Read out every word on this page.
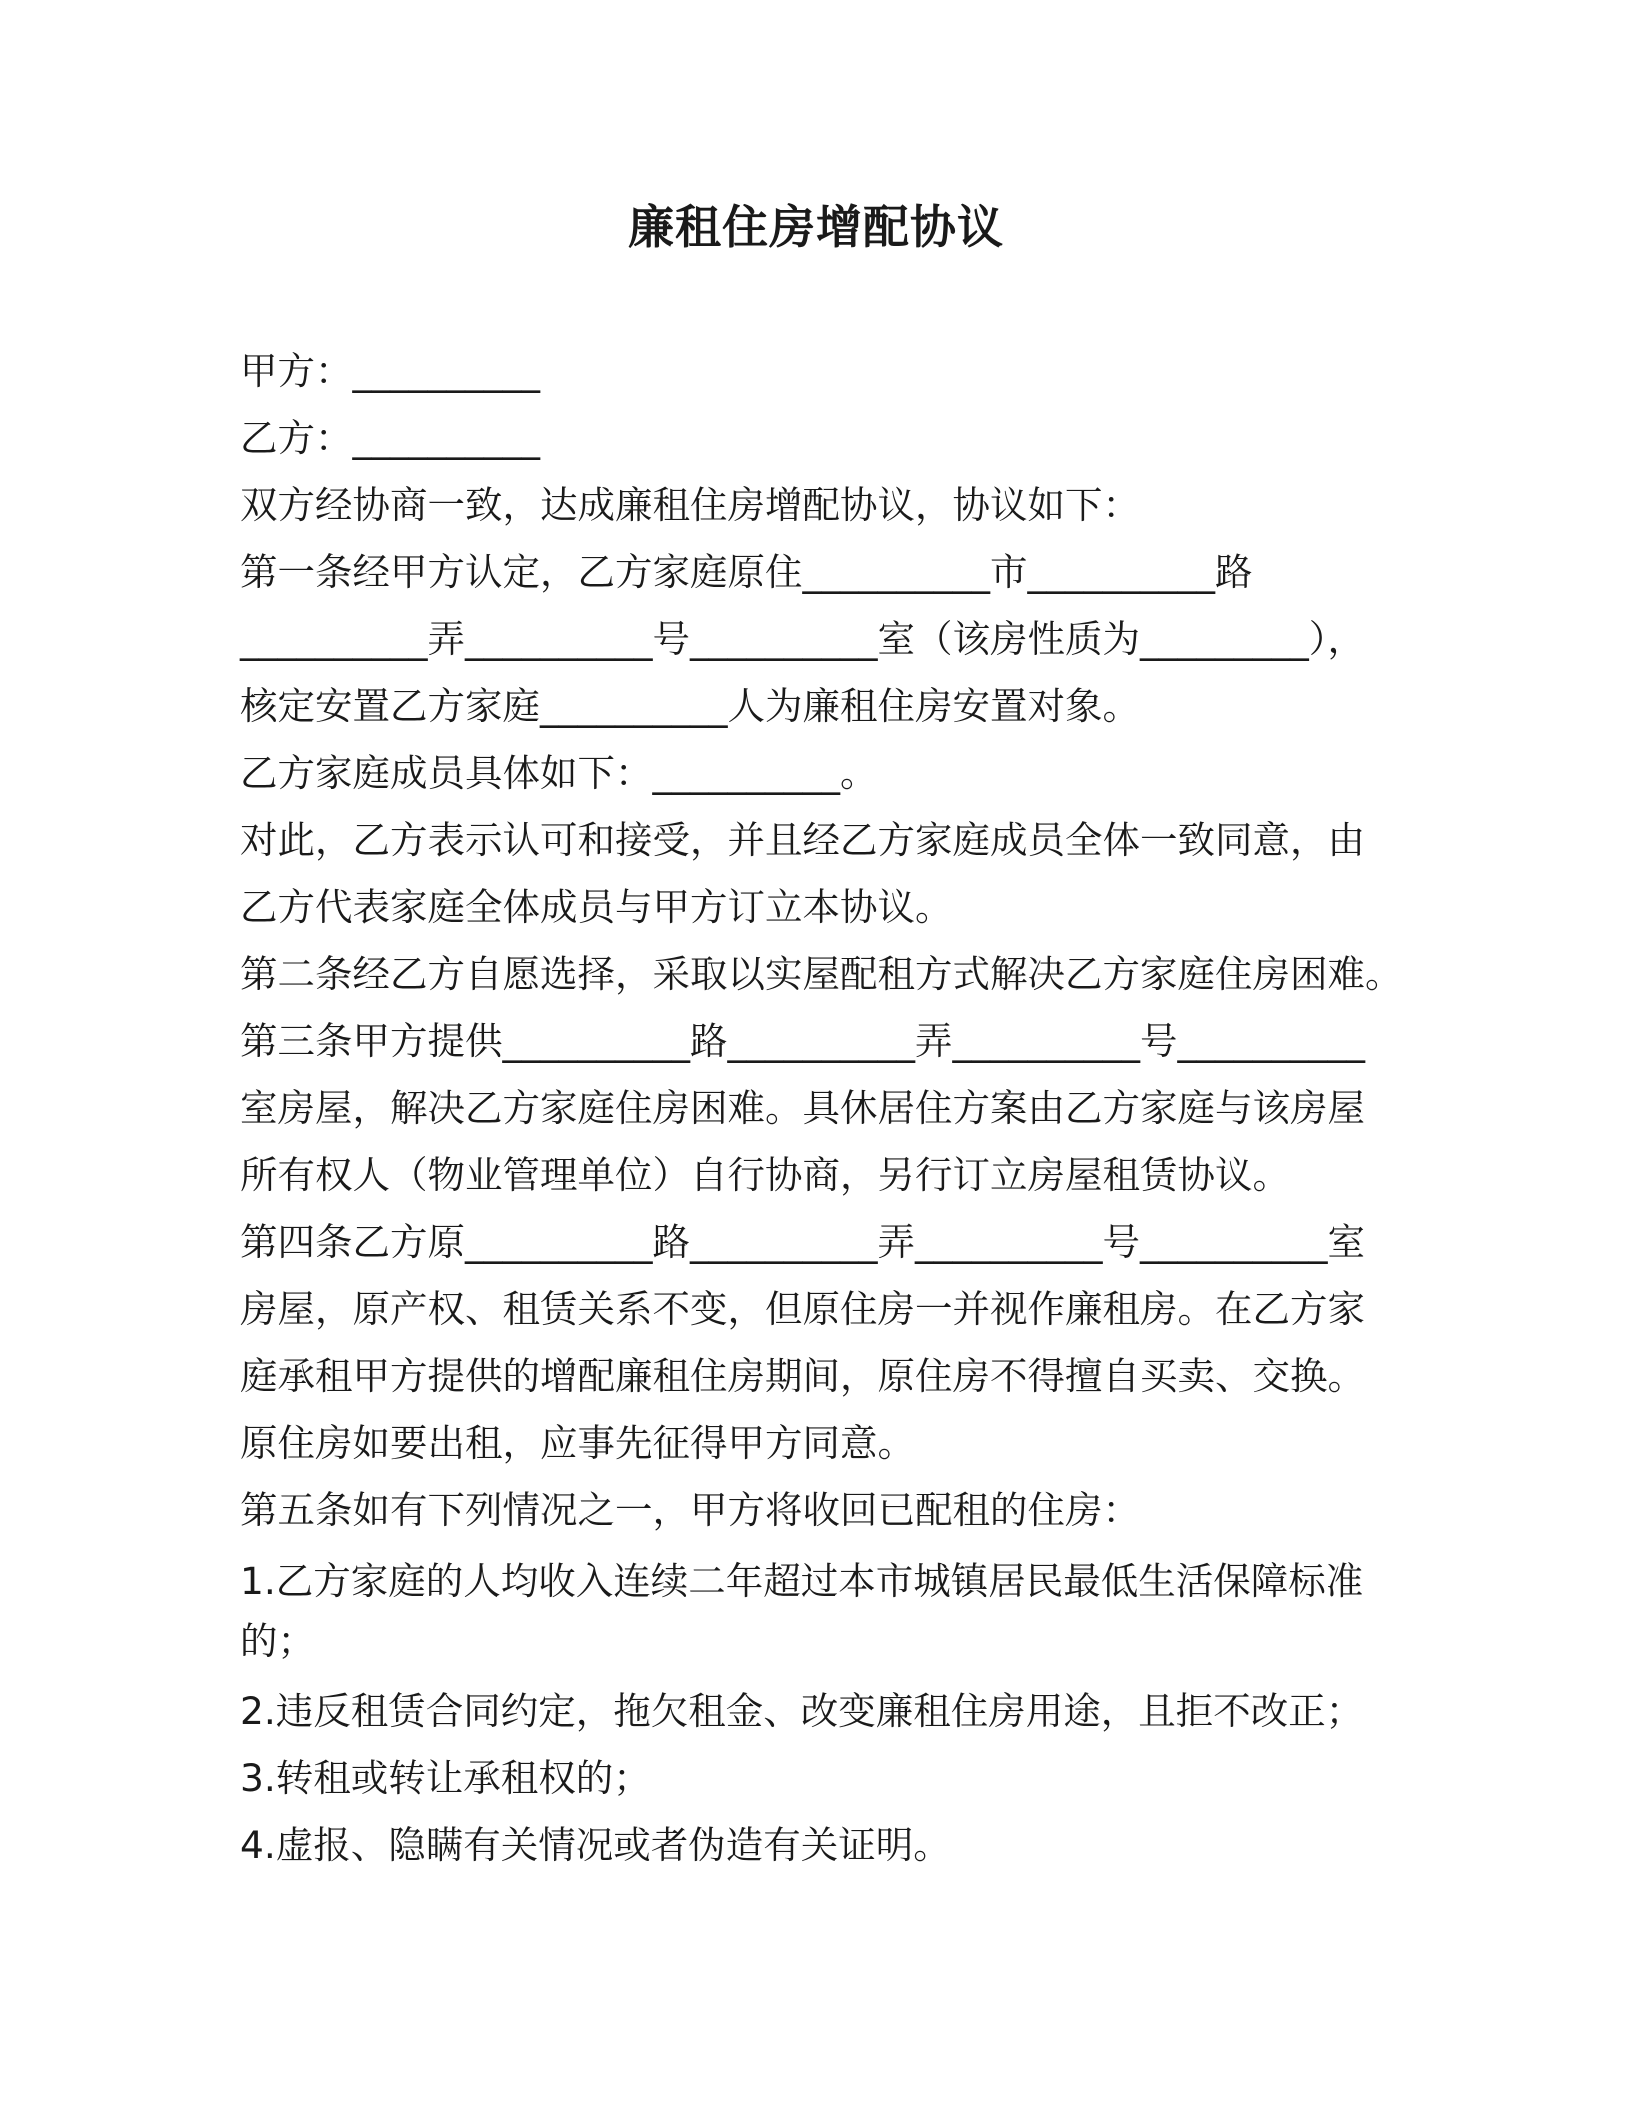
廉租住房增配协议
甲方：__________
乙方：__________
双方经协商一致，达成廉租住房增配协议，协议如下：
第一条经甲方认定，乙方家庭原住__________市__________路
__________弄__________号__________室（该房性质为_________），
核定安置乙方家庭__________人为廉租住房安置对象。
乙方家庭成员具体如下：__________。
对此，乙方表示认可和接受，并且经乙方家庭成员全体一致同意，由
乙方代表家庭全体成员与甲方订立本协议。
第二条经乙方自愿选择，采取以实屋配租方式解决乙方家庭住房困难。
第三条甲方提供__________路__________弄__________号__________
室房屋，解决乙方家庭住房困难。具休居住方案由乙方家庭与该房屋
所有权人（物业管理单位）自行协商，另行订立房屋租赁协议。
第四条乙方原__________路__________弄__________号__________室
房屋，原产权、租赁关系不变，但原住房一并视作廉租房。在乙方家
庭承租甲方提供的增配廉租住房期间，原住房不得擅自买卖、交换。
原住房如要出租，应事先征得甲方同意。
第五条如有下列情况之一，甲方将收回已配租的住房：
1.乙方家庭的人均收入连续二年超过本市城镇居民最低生活保障标准的；
2.违反租赁合同约定，拖欠租金、改变廉租住房用途，且拒不改正；
3.转租或转让承租权的；
4.虚报、隐瞒有关情况或者伪造有关证明。
